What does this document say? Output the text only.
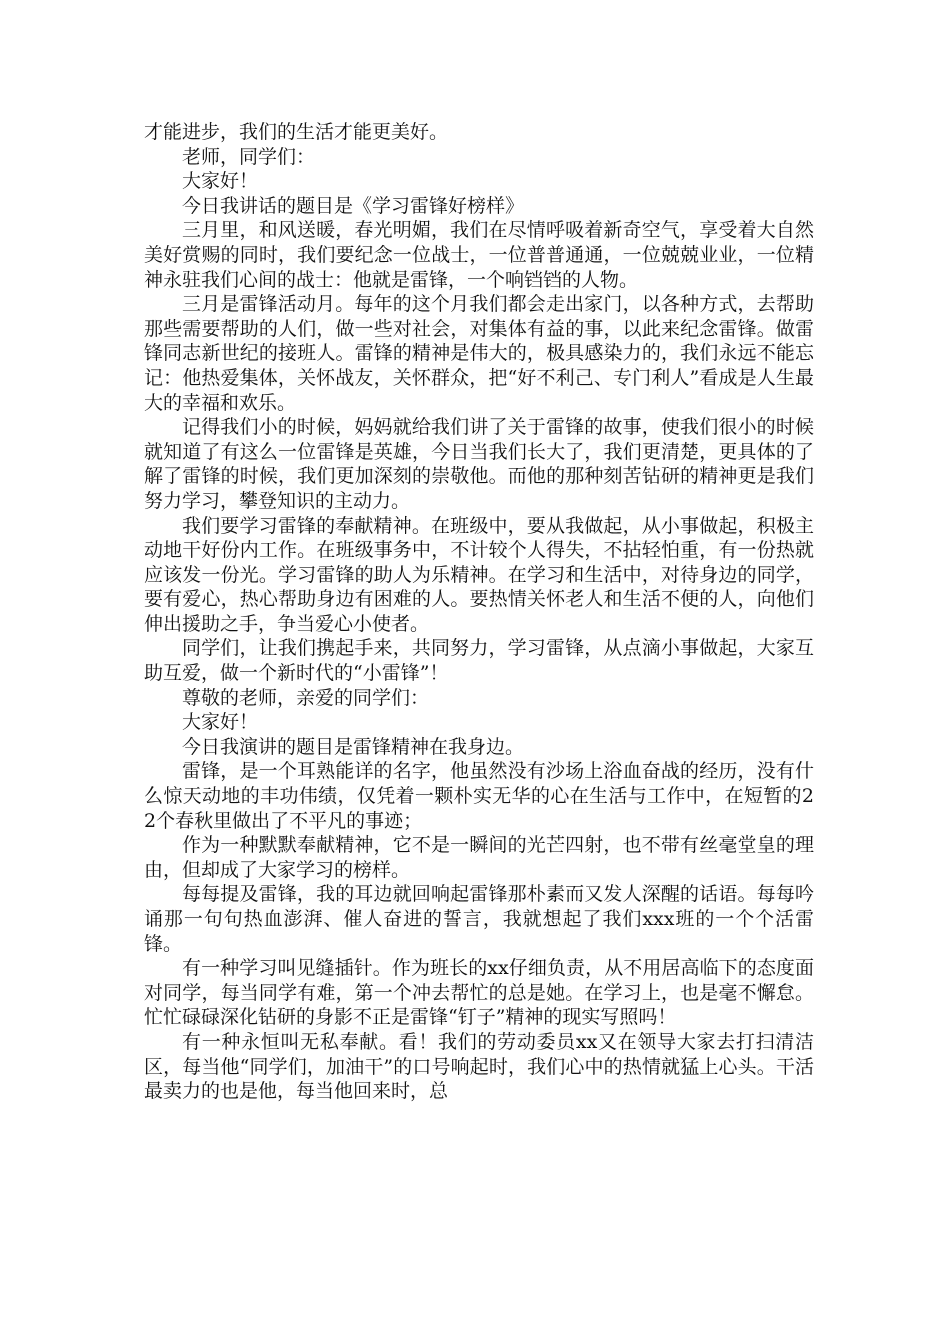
才能进步，我们的生活才能更美好。

老师，同学们：

大家好！

今日我讲话的题目是《学习雷锋好榜样》

三月里，和风送暖，春光明媚，我们在尽情呼吸着新奇空气，享受着大自然美好赏赐的同时，我们要纪念一位战士，一位普普通通，一位兢兢业业，一位精神永驻我们心间的战士：他就是雷锋，一个响铛铛的人物。

三月是雷锋活动月。每年的这个月我们都会走出家门，以各种方式，去帮助那些需要帮助的人们，做一些对社会，对集体有益的事，以此来纪念雷锋。做雷锋同志新世纪的接班人。雷锋的精神是伟大的，极具感染力的，我们永远不能忘记：他热爱集体，关怀战友，关怀群众，把“好不利己、专门利人”看成是人生最大的幸福和欢乐。

记得我们小的时候，妈妈就给我们讲了关于雷锋的故事，使我们很小的时候就知道了有这么一位雷锋是英雄，今日当我们长大了，我们更清楚，更具体的了解了雷锋的时候，我们更加深刻的崇敬他。而他的那种刻苦钻研的精神更是我们努力学习，攀登知识的主动力。

我们要学习雷锋的奉献精神。在班级中，要从我做起，从小事做起，积极主动地干好份内工作。在班级事务中，不计较个人得失，不拈轻怕重，有一份热就应该发一份光。学习雷锋的助人为乐精神。在学习和生活中，对待身边的同学，要有爱心，热心帮助身边有困难的人。要热情关怀老人和生活不便的人，向他们伸出援助之手，争当爱心小使者。

同学们，让我们携起手来，共同努力，学习雷锋，从点滴小事做起，大家互助互爱，做一个新时代的“小雷锋”！

尊敬的老师，亲爱的同学们：

大家好！

今日我演讲的题目是雷锋精神在我身边。

雷锋，是一个耳熟能详的名字，他虽然没有沙场上浴血奋战的经历，没有什么惊天动地的丰功伟绩，仅凭着一颗朴实无华的心在生活与工作中，在短暂的22个春秋里做出了不平凡的事迹；

作为一种默默奉献精神，它不是一瞬间的光芒四射，也不带有丝毫堂皇的理由，但却成了大家学习的榜样。

每每提及雷锋，我的耳边就回响起雷锋那朴素而又发人深醒的话语。每每吟诵那一句句热血澎湃、催人奋进的誓言，我就想起了我们xxx班的一个个活雷锋。

有一种学习叫见缝插针。作为班长的xx仔细负责，从不用居高临下的态度面对同学，每当同学有难，第一个冲去帮忙的总是她。在学习上，也是毫不懈怠。忙忙碌碌深化钻研的身影不正是雷锋“钉子”精神的现实写照吗！

有一种永恒叫无私奉献。看！我们的劳动委员xx又在领导大家去打扫清洁区，每当他“同学们，加油干”的口号响起时，我们心中的热情就猛上心头。干活最卖力的也是他，每当他回来时，总
